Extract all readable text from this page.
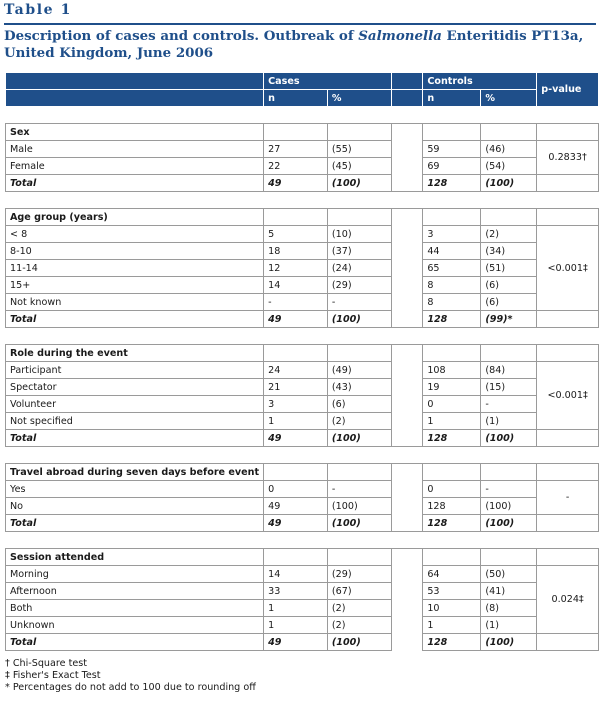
Table 1
Description of cases and controls. Outbreak of Salmonella Enteritidis PT13a, United Kingdom, June 2006
	Cases			Controls		p-value
	n	%		n	%	

Sex						
Male	27	(55)		59	(46)	0.2833†
Female	22	(45)		69	(54)	
Total	49	(100)		128	(100)	

Age group (years)						
< 8	5	(10)		3	(2)	<0.001‡
8-10	18	(37)		44	(34)	
11-14	12	(24)		65	(51)	
15+	14	(29)		8	(6)	
Not known	-	-		8	(6)	
Total	49	(100)		128	(99)*	

Role during the event						
Participant	24	(49)		108	(84)	<0.001‡
Spectator	21	(43)		19	(15)	
Volunteer	3	(6)		0	-	
Not specified	1	(2)		1	(1)	
Total	49	(100)		128	(100)	

Travel abroad during seven days before event						
Yes	0	-		0	-	-
No	49	(100)		128	(100)	
Total	49	(100)		128	(100)	

Session attended						
Morning	14	(29)		64	(50)	0.024‡
Afternoon	33	(67)		53	(41)	
Both	1	(2)		10	(8)	
Unknown	1	(2)		1	(1)	
Total	49	(100)		128	(100)	
† Chi-Square test
‡ Fisher's Exact Test
* Percentages do not add to 100 due to rounding off
